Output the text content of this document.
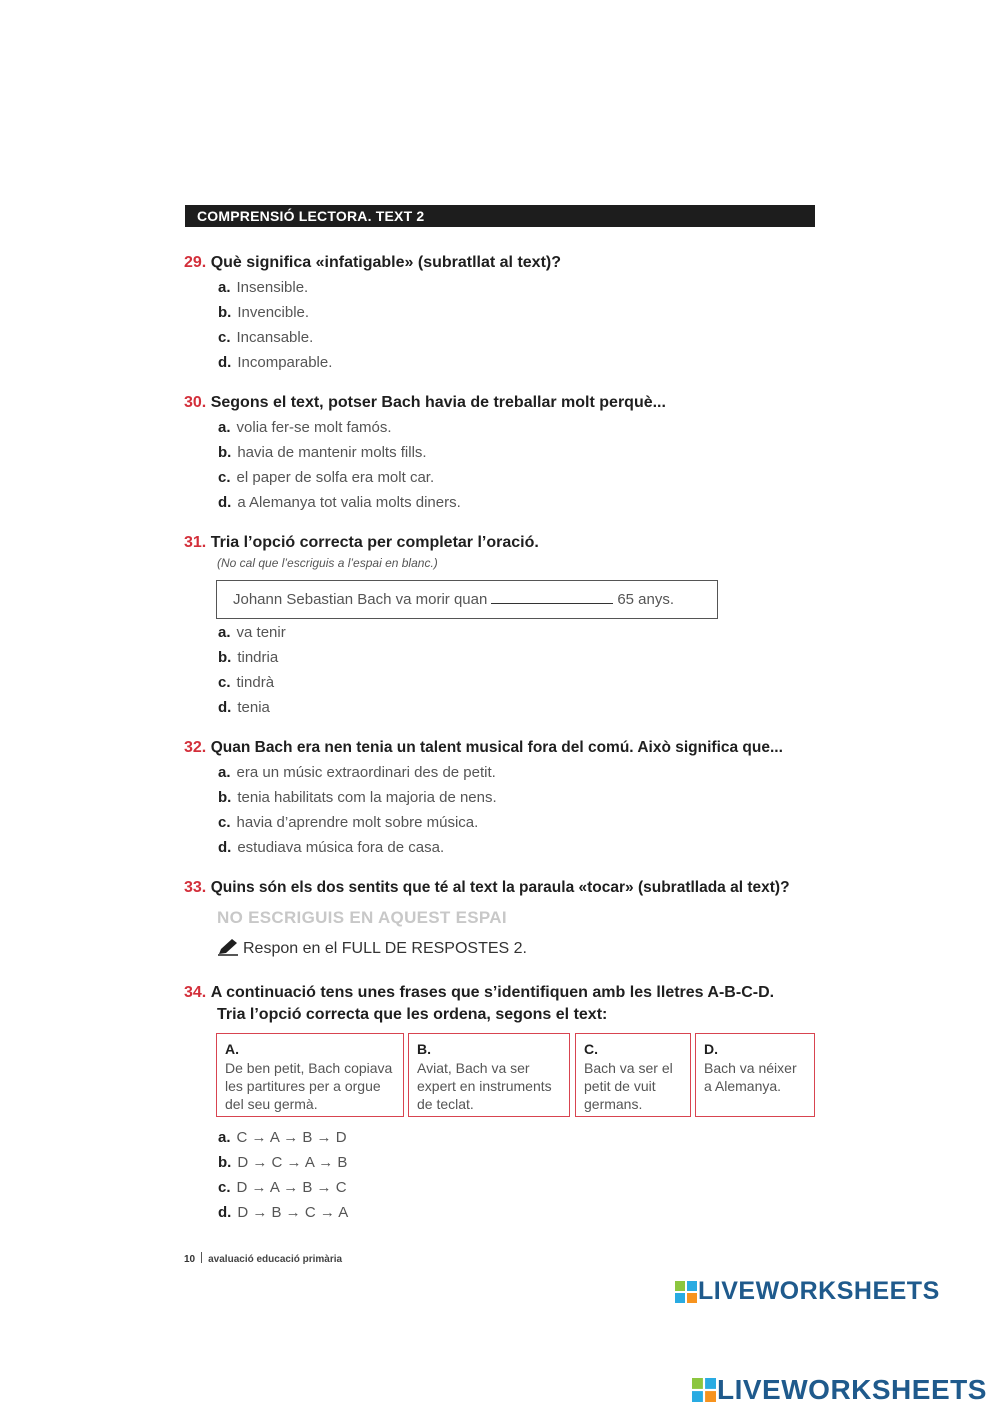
COMPRENSIÓ LECTORA. TEXT 2
29. Què significa «infatigable» (subratllat al text)?
a. Insensible.
b. Invencible.
c. Incansable.
d. Incomparable.
30. Segons el text, potser Bach havia de treballar molt perquè...
a. volia fer-se molt famós.
b. havia de mantenir molts fills.
c. el paper de solfa era molt car.
d. a Alemanya tot valia molts diners.
31. Tria l’opció correcta per completar l’oració.
(No cal que l’escriguis a l’espai en blanc.)
Johann Sebastian Bach va morir quan	65 anys.
a. va tenir
b. tindria
c. tindrà
d. tenia
32. Quan Bach era nen tenia un talent musical fora del comú. Això significa que...
a. era un músic extraordinari des de petit.
b. tenia habilitats com la majoria de nens.
c. havia d’aprendre molt sobre música.
d. estudiava música fora de casa.
33. Quins són els dos sentits que té al text la paraula «tocar» (subratllada al text)?
NO ESCRIGUIS EN AQUEST ESPAI
Respon en el FULL DE RESPOSTES 2.
34. A continuació tens unes frases que s’identifiquen amb les lletres A-B-C-D.
Tria l’opció correcta que les ordena, segons el text:
A.
De ben petit, Bach copiava les partitures per a orgue del seu germà.
B.
Aviat, Bach va ser expert en instruments de teclat.
C.
Bach va ser el petit de vuit germans.
D.
Bach va néixer a Alemanya.
a. C → A → B → D
b. D → C → A → B
c. D → A → B → C
d. D → B → C → A
10 avaluació educació primària
LIVEWORKSHEETS
LIVEWORKSHEETS
